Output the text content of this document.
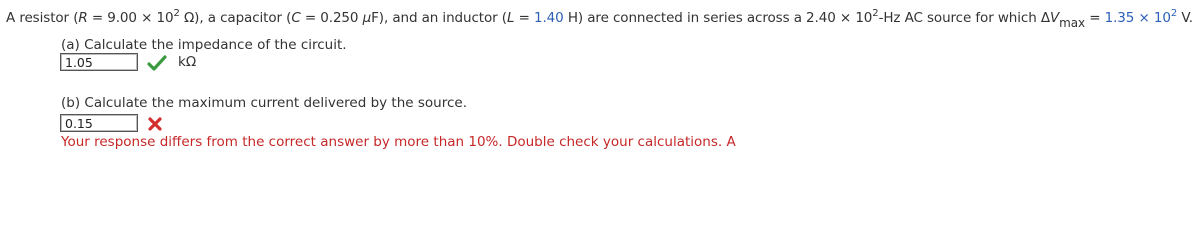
A resistor ($R = 9.00 \times 10^2$ Ω), a capacitor (C = 0.250 μF), and an inductor (L = 1.40 H) are connected in series across a $2.40 \times 10^2-Hz$ AC source for which $\Delta Vmax = 1.35 \times 10^2$ V.
(a) Calculate the impedance of the circuit.
1.05	kΩ
(b) Calculate the maximum current delivered by the source.
0.15
Your response differs from the correct answer by more than 10%. Double check your calculations. A
